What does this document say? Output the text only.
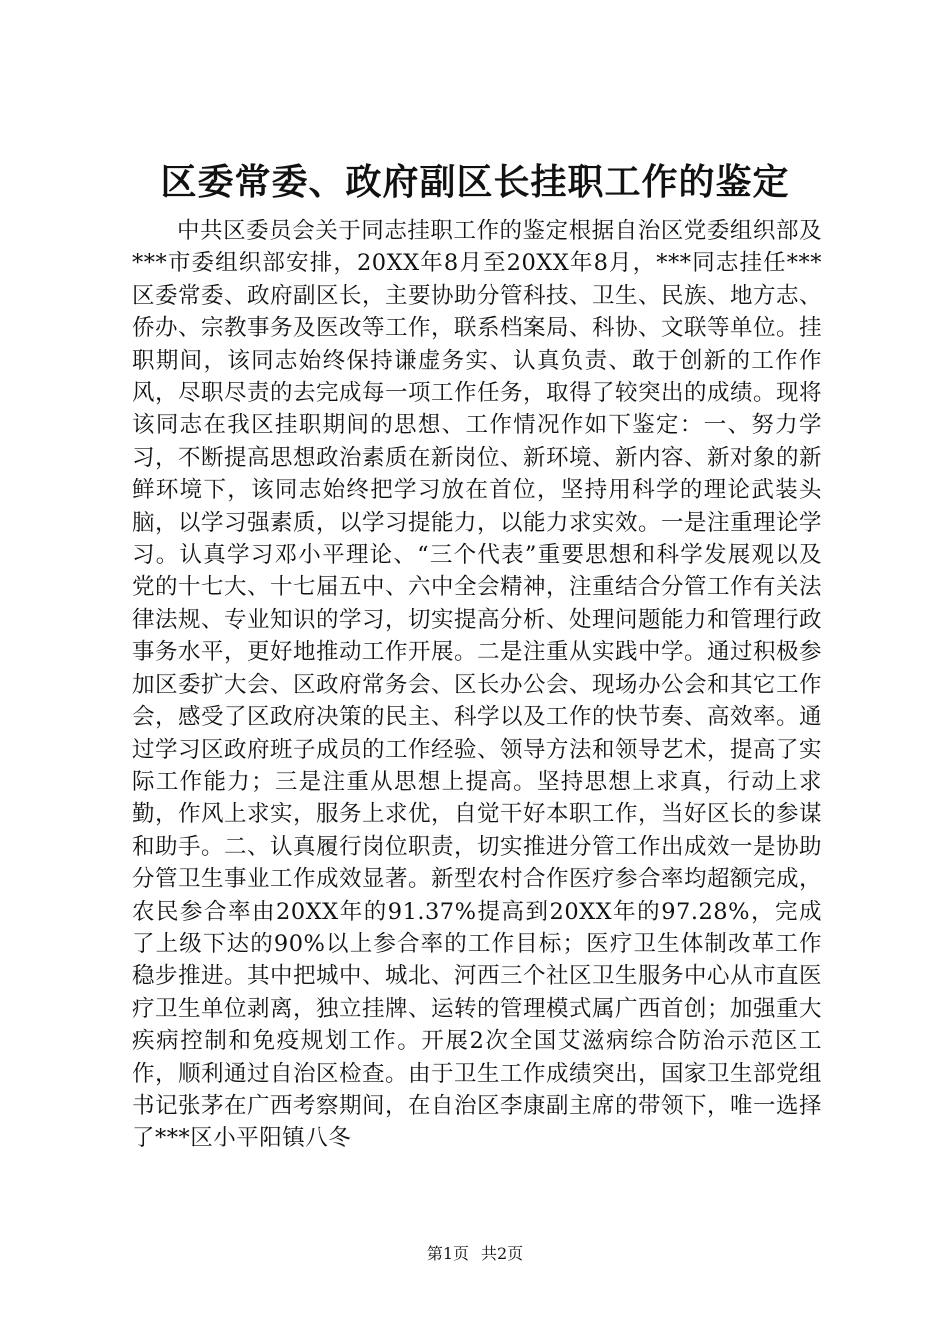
区委常委、政府副区长挂职工作的鉴定

中共区委员会关于同志挂职工作的鉴定根据自治区党委组织部及***市委组织部安排，20XX年8月至20XX年8月，***同志挂任***区委常委、政府副区长，主要协助分管科技、卫生、民族、地方志、侨办、宗教事务及医改等工作，联系档案局、科协、文联等单位。挂职期间，该同志始终保持谦虚务实、认真负责、敢于创新的工作作风，尽职尽责的去完成每一项工作任务，取得了较突出的成绩。现将该同志在我区挂职期间的思想、工作情况作如下鉴定：一、努力学习，不断提高思想政治素质在新岗位、新环境、新内容、新对象的新鲜环境下，该同志始终把学习放在首位，坚持用科学的理论武装头脑，以学习强素质，以学习提能力，以能力求实效。一是注重理论学习。认真学习邓小平理论、“三个代表”重要思想和科学发展观以及党的十七大、十七届五中、六中全会精神，注重结合分管工作有关法律法规、专业知识的学习，切实提高分析、处理问题能力和管理行政事务水平，更好地推动工作开展。二是注重从实践中学。通过积极参加区委扩大会、区政府常务会、区长办公会、现场办公会和其它工作会，感受了区政府决策的民主、科学以及工作的快节奏、高效率。通过学习区政府班子成员的工作经验、领导方法和领导艺术，提高了实际工作能力；三是注重从思想上提高。坚持思想上求真，行动上求勤，作风上求实，服务上求优，自觉干好本职工作，当好区长的参谋和助手。二、认真履行岗位职责，切实推进分管工作出成效一是协助分管卫生事业工作成效显著。新型农村合作医疗参合率均超额完成，农民参合率由20XX年的91.37%提高到20XX年的97.28%，完成了上级下达的90%以上参合率的工作目标；医疗卫生体制改革工作稳步推进。其中把城中、城北、河西三个社区卫生服务中心从市直医疗卫生单位剥离，独立挂牌、运转的管理模式属广西首创；加强重大疾病控制和免疫规划工作。开展2次全国艾滋病综合防治示范区工作，顺利通过自治区检查。由于卫生工作成绩突出，国家卫生部党组书记张茅在广西考察期间，在自治区李康副主席的带领下，唯一选择了***区小平阳镇八冬

第1页 共2页
